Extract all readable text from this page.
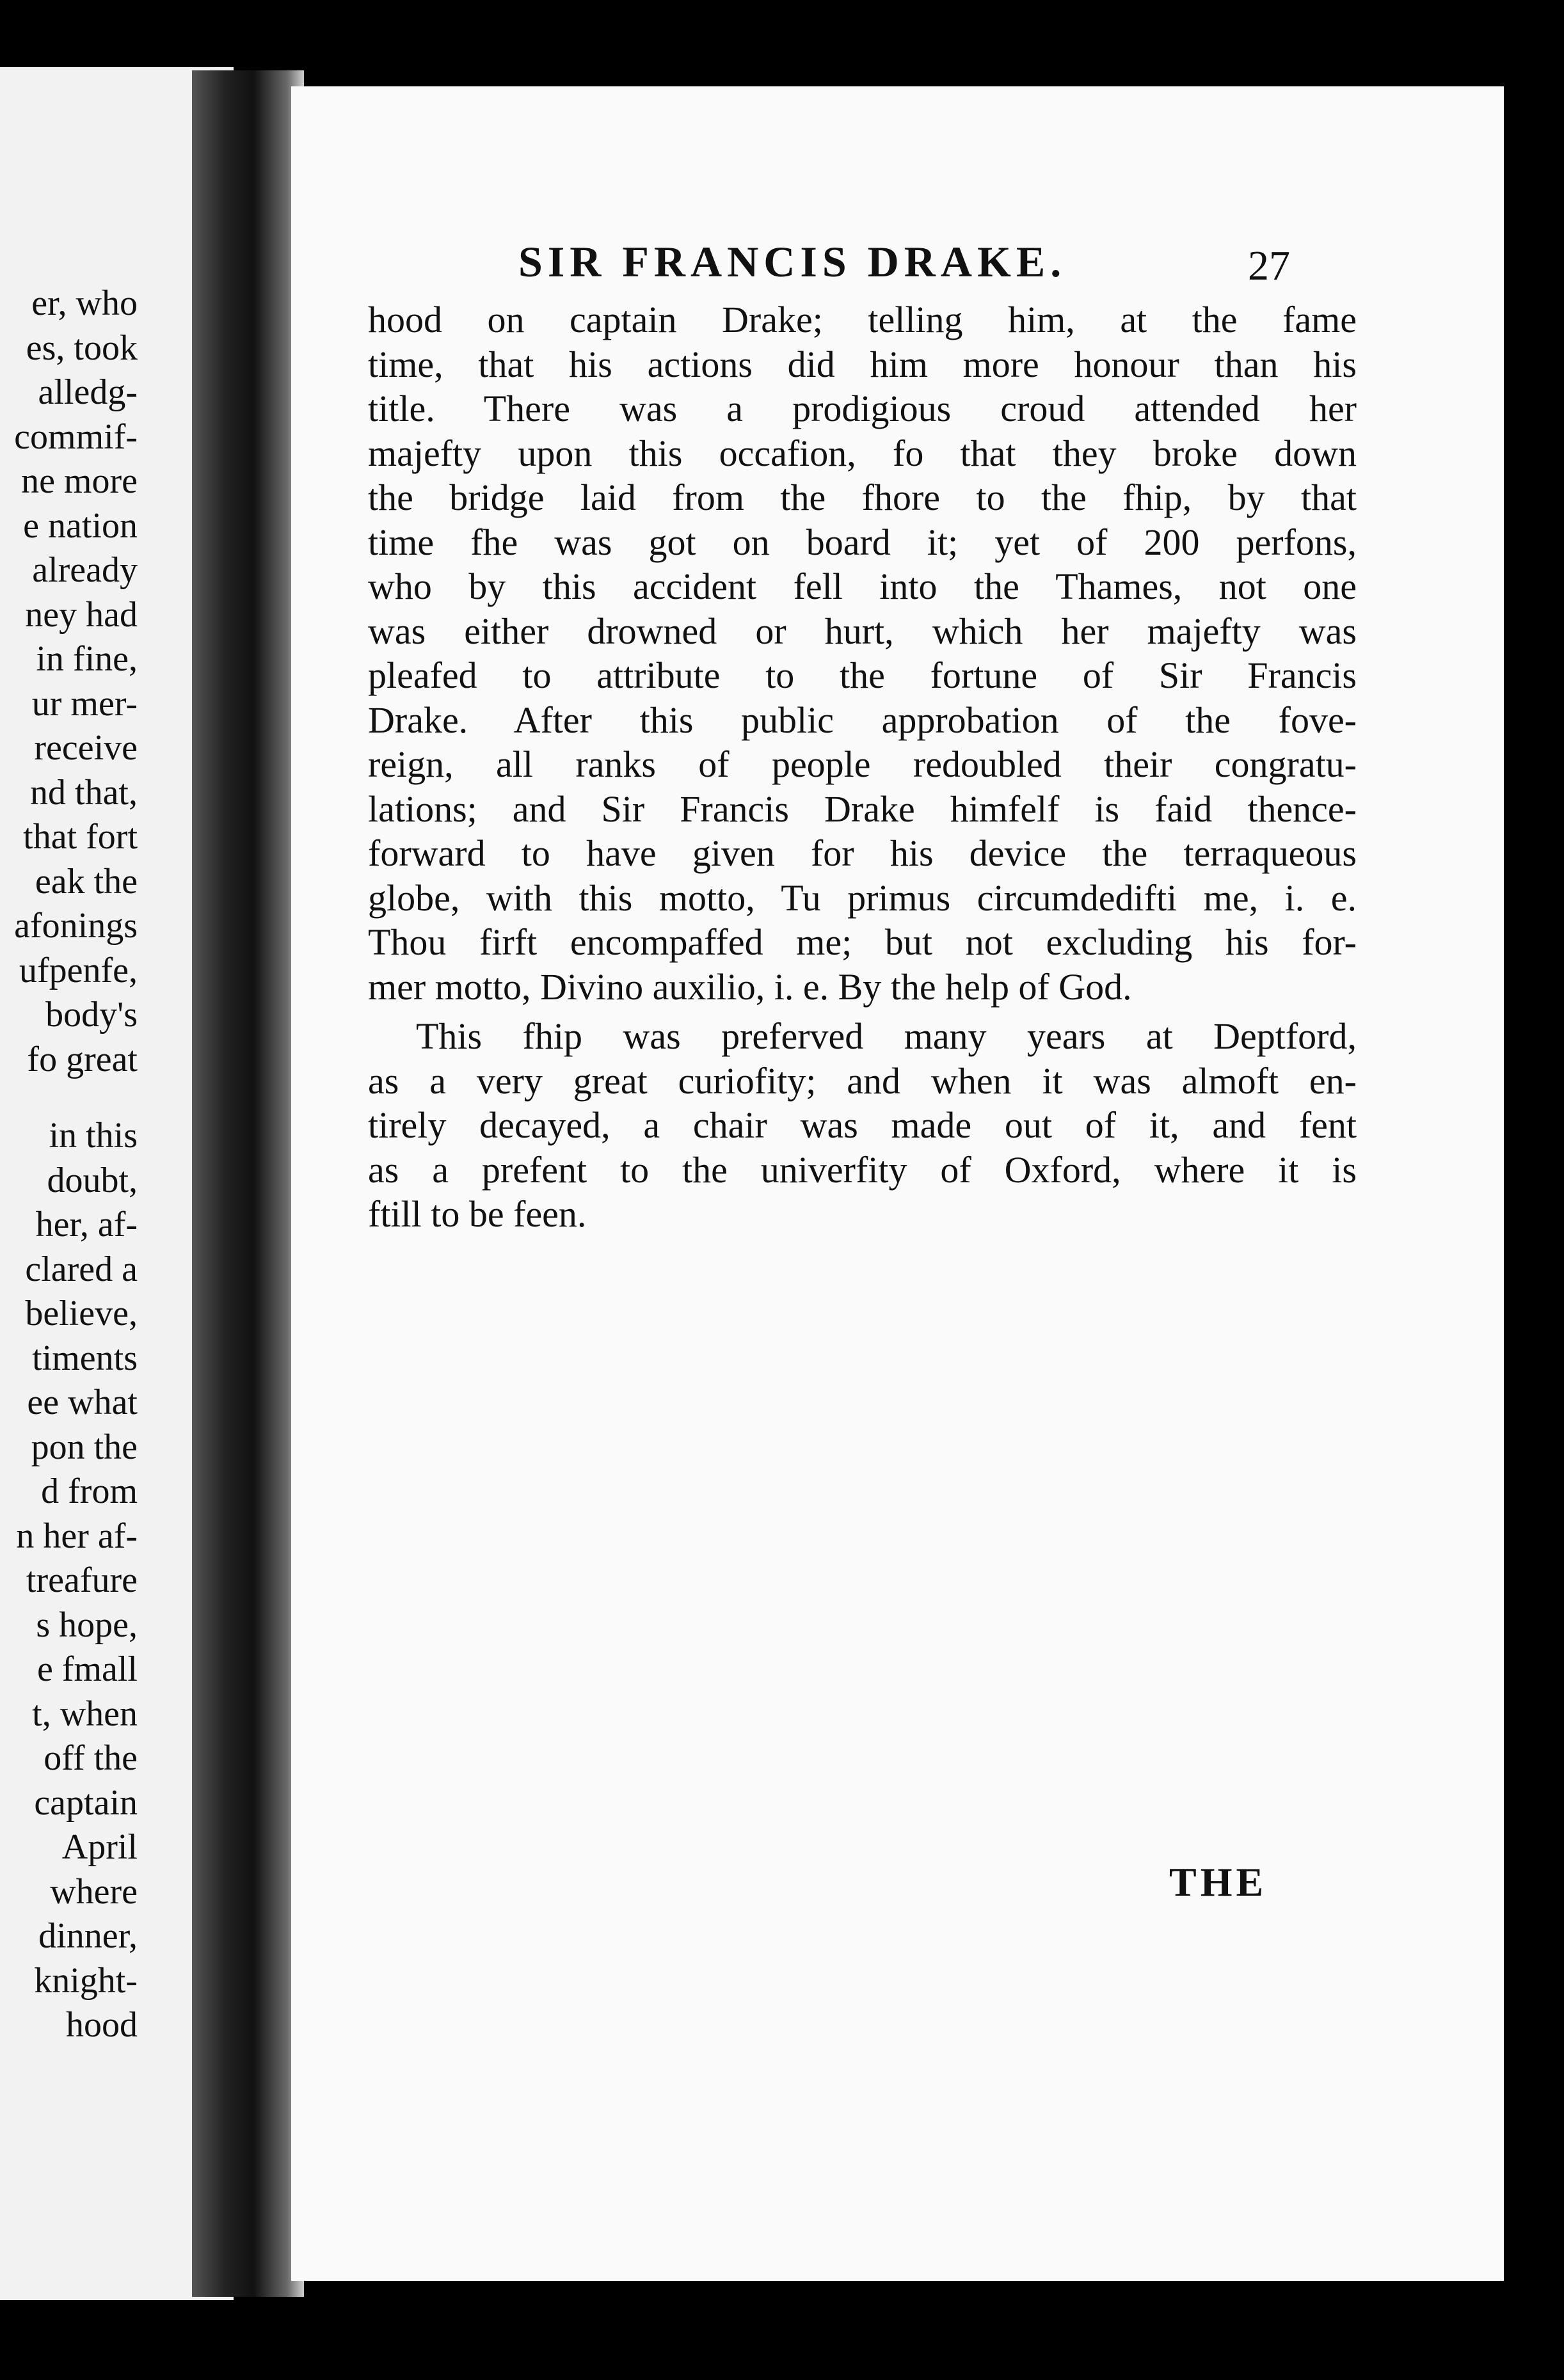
er, who
es, took
alledg-
commif-
ne more
e nation
already
ney had
in fine,
ur mer-
receive
nd that,
that fort
eak the
afonings
ufpenfe,
body's
fo great
in this
doubt,
her, af-
clared a
believe,
timents
ee what
pon the
d from
n her af-
treafure
s hope,
e fmall
t, when
off the
captain
April
where
dinner,
knight-
hood
SIR FRANCIS DRAKE.	27
hood on captain Drake; telling him, at the fame
time, that his actions did him more honour than his
title. There was a prodigious croud attended her
majefty upon this occafion, fo that they broke down
the bridge laid from the fhore to the fhip, by that
time fhe was got on board it; yet of 200 perfons,
who by this accident fell into the Thames, not one
was either drowned or hurt, which her majefty was
pleafed to attribute to the fortune of Sir Francis
Drake. After this public approbation of the fove-
reign, all ranks of people redoubled their congratu-
lations; and Sir Francis Drake himfelf is faid thence-
forward to have given for his device the terraqueous
globe, with this motto, Tu primus circumdedifti me, i. e.
Thou firft encompaffed me; but not excluding his for-
mer motto, Divino auxilio, i. e. By the help of God.
This fhip was preferved many years at Deptford,
as a very great curiofity; and when it was almoft en-
tirely decayed, a chair was made out of it, and fent
as a prefent to the univerfity of Oxford, where it is
ftill to be feen.
THE
